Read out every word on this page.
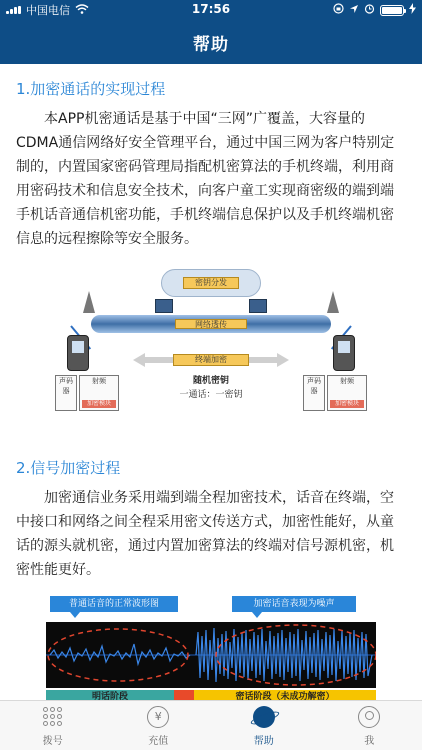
中国电信	17:56
帮助
1.加密通话的实现过程

本APP机密通话是基于中国“三网”广覆盖，大容量的CDMA通信网络好安全管理平台，通过中国三网为客户特别定制的，内置国家密码管理局指配机密算法的手机终端，利用商用密码技术和信息安全技术，向客户童工实现商密级的端到端手机话音通信机密功能，手机终端信息保护以及手机终端机密信息的远程擦除等安全服务。

密钥分发
网络透传
终端加密
随机密钥
一通话：一密钥
声码器
射频
加密模块
声码器
射频
加密模块
2.信号加密过程

加密通信业务采用端到端全程加密技术，话音在终端，空中接口和网络之间全程采用密文传送方式，加密性能好，从童话的源头就机密，通过内置加密算法的终端对信号源机密，机密性能更好。

普通话音的正常波形图	加密话音表现为噪声
明话阶段	密话阶段（未成功解密）
拨号
¥
充值	帮助	我
